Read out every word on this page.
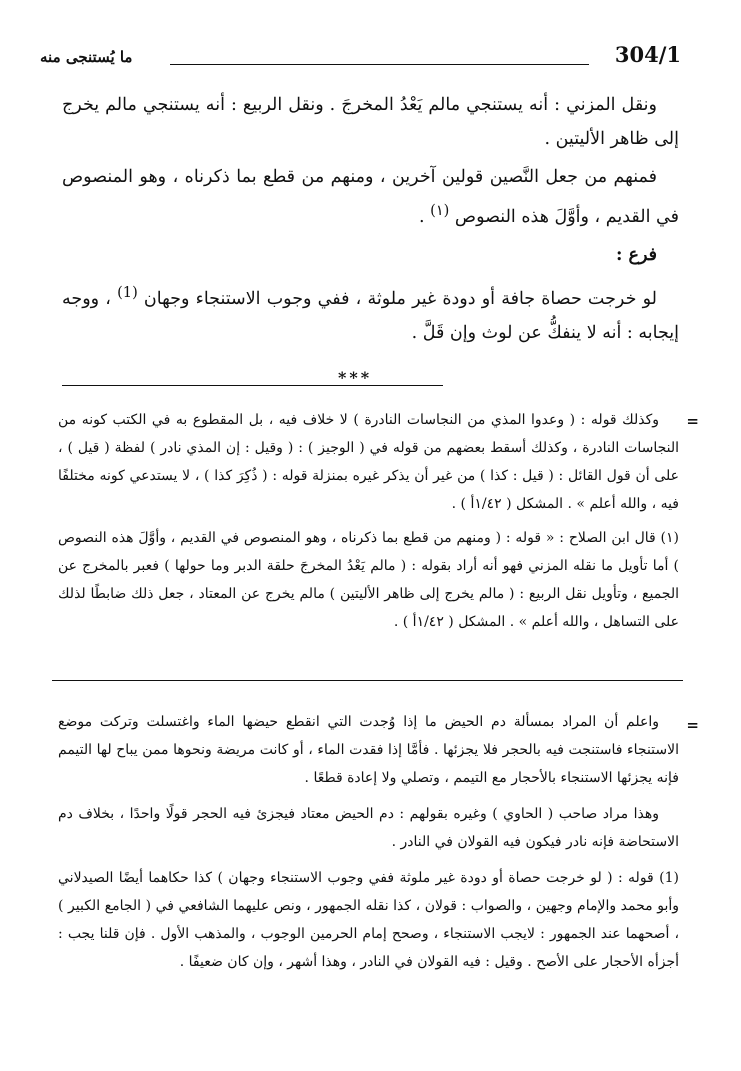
304/1
ما يُستنجى منه

ونقل المزني : أنه يستنجي مالم يَعْدُ المخرجَ . ونقل الربيع : أنه يستنجي مالم يخرج إلى ظاهر الأليتين .

فمنهم من جعل النَّصين قولين آخرين ، ومنهم من قطع بما ذكرناه ، وهو المنصوص في القديم ، وأوَّلَ هذه النصوص $^{(١)}$ .

فرع :

لو خرجت حصاة جافة أو دودة غير ملوثة ، ففي وجوب الاستنجاء وجهان $^{(1)}$ ، ووجه إيجابه : أنه لا ينفكُّ عن لوث وإن قَلَّ .

***
=

وكذلك قوله : ( وعدوا المذي من النجاسات النادرة ) لا خلاف فيه ، بل المقطوع به في الكتب كونه من النجاسات النادرة ، وكذلك أسقط بعضهم من قوله في ( الوجيز ) : ( وقيل : إن المذي نادر ) لفظة ( قيل ) ، على أن قول القائل : ( قيل : كذا ) من غير أن يذكر غيره بمنزلة قوله : ( ذُكِرَ كذا ) ، لا يستدعي كونه مختلفًا فيه ، والله أعلم » . المشكل ( ١/٤٢أ ) .

(١) قال ابن الصلاح : « قوله : ( ومنهم من قطع بما ذكرناه ، وهو المنصوص في القديم ، وأوَّلَ هذه النصوص ) أما تأويل ما نقله المزني فهو أنه أراد بقوله : ( مالم يَعْدُ المخرجَ حلقة الدبر وما حولها ) فعبر بالمخرج عن الجميع ، وتأويل نقل الربيع : ( مالم يخرج إلى ظاهر الأليتين ) مالم يخرج عن المعتاد ، جعل ذلك ضابطًا لذلك على التساهل ، والله أعلم » . المشكل ( ١/٤٢أ ) .

=

واعلم أن المراد بمسألة دم الحيض ما إذا وُجدت التي انقطع حيضها الماء واغتسلت وتركت موضع الاستنجاء فاستنجت فيه بالحجر فلا يجزئها . فأمَّا إذا فقدت الماء ، أو كانت مريضة ونحوها ممن يباح لها التيمم فإنه يجزئها الاستنجاء بالأحجار مع التيمم ، وتصلي ولا إعادة قطعًا .

وهذا مراد صاحب ( الحاوي ) وغيره بقولهم : دم الحيض معتاد فيجزئ فيه الحجر قولًا واحدًا ، بخلاف دم الاستحاضة فإنه نادر فيكون فيه القولان في النادر .

(1) قوله : ( لو خرجت حصاة أو دودة غير ملوثة ففي وجوب الاستنجاء وجهان ) كذا حكاهما أيضًا الصيدلاني وأبو محمد والإمام وجهين ، والصواب : قولان ، كذا نقله الجمهور ، ونص عليهما الشافعي في ( الجامع الكبير ) ، أصحهما عند الجمهور : لايجب الاستنجاء ، وصحح إمام الحرمين الوجوب ، والمذهب الأول . فإن قلنا يجب : أجزأه الأحجار على الأصح . وقيل : فيه القولان في النادر ، وهذا أشهر ، وإن كان ضعيفًا .
